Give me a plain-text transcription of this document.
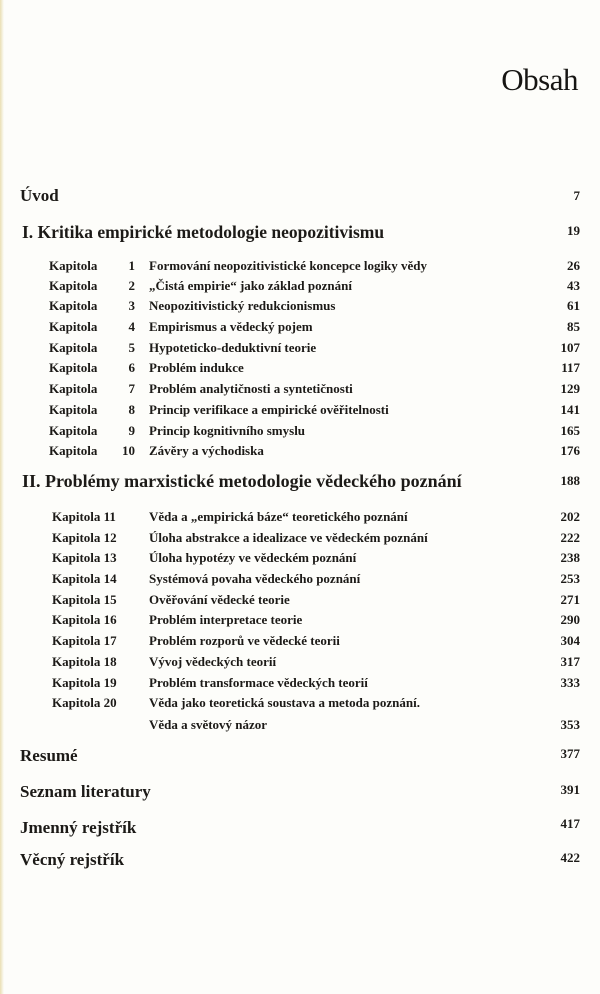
Obsah
Úvod	7
I. Kritika empirické metodologie neopozitivismu	19
Kapitola	1 Formování neopozitivistické koncepce logiky vědy	26
Kapitola	2 „Čistá empirie“ jako základ poznání	43
Kapitola	3 Neopozitivistický redukcionismus	61
Kapitola	4 Empirismus a vědecký pojem	85
Kapitola	5 Hypoteticko-deduktivní teorie	107
Kapitola	6 Problém indukce	117
Kapitola	7 Problém analytičnosti a syntetičnosti	129
Kapitola	8 Princip verifikace a empirické ověřitelnosti	141
Kapitola	9 Princip kognitivního smyslu	165
Kapitola	10 Závěry a východiska	176
II. Problémy marxistické metodologie vědeckého poznání	188
Kapitola 11	Věda a „empirická báze“ teoretického poznání	202
Kapitola 12 Úloha abstrakce a idealizace ve vědeckém poznání	222
Kapitola 13 Úloha hypotézy ve vědeckém poznání	238
Kapitola 14 Systémová povaha vědeckého poznání	253
Kapitola 15 Ověřování vědecké teorie	271
Kapitola 16 Problém interpretace teorie	290
Kapitola 17 Problém rozporů ve vědecké teorii	304
Kapitola 18 Vývoj vědeckých teorií	317
Kapitola 19 Problém transformace vědeckých teorií	333
Kapitola 20 Věda jako teoretická soustava a metoda poznání.
Věda a světový názor	353
Resumé	377
Seznam literatury	391
Jmenný rejstřík	417
Věcný rejstřík	422
